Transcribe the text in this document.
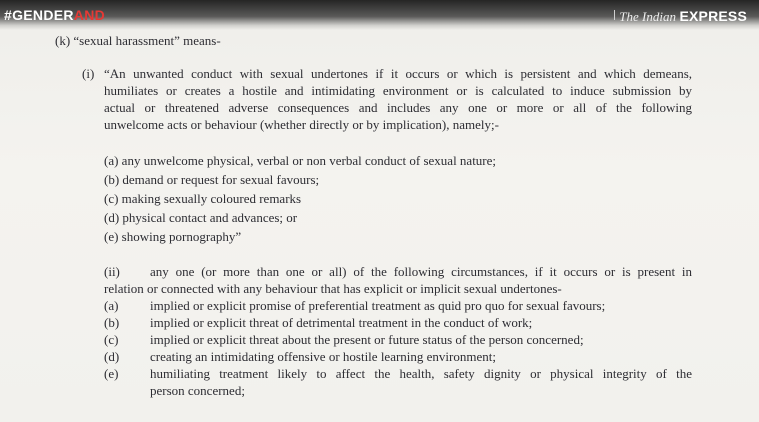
#GENDERAND	The Indian EXPRESS
(k) “sexual harassment” means-
(i) “An unwanted conduct with sexual undertones if it occurs or which is persistent and which demeans,
humiliates or creates a hostile and intimidating environment or is calculated to induce submission by
actual or threatened adverse consequences and includes any one or more or all of the following
unwelcome acts or behaviour (whether directly or by implication), namely;-
(a) any unwelcome physical, verbal or non verbal conduct of sexual nature;
(b) demand or request for sexual favours;
(c) making sexually coloured remarks
(d) physical contact and advances; or
(e) showing pornography”
(ii) any one (or more than one or all) of the following circumstances, if it occurs or is present in
relation or connected with any behaviour that has explicit or implicit sexual undertones-
(a) implied or explicit promise of preferential treatment as quid pro quo for sexual favours;
(b) implied or explicit threat of detrimental treatment in the conduct of work;
(c) implied or explicit threat about the present or future status of the person concerned;
(d) creating an intimidating offensive or hostile learning environment;
(e) humiliating treatment likely to affect the health, safety dignity or physical integrity of the
person concerned;
